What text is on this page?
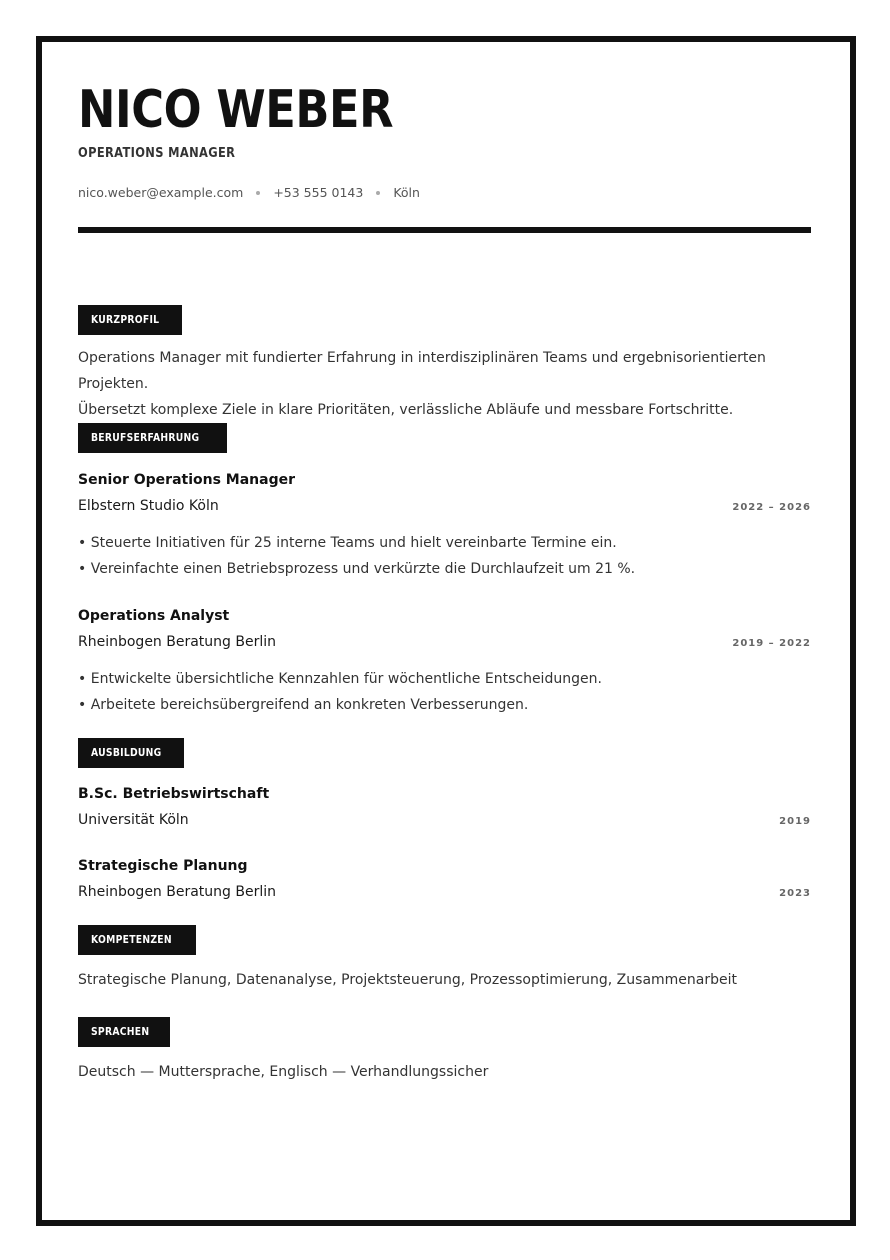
NICO WEBER
OPERATIONS MANAGER
nico.weber@example.com +53 555 0143 Köln
KURZPROFIL
Operations Manager mit fundierter Erfahrung in interdisziplinären Teams und ergebnisorientierten Projekten.
Übersetzt komplexe Ziele in klare Prioritäten, verlässliche Abläufe und messbare Fortschritte.
BERUFSERFAHRUNG
Senior Operations Manager
Elbstern Studio Köln	2022 – 2026
• Steuerte Initiativen für 25 interne Teams und hielt vereinbarte Termine ein.
• Vereinfachte einen Betriebsprozess und verkürzte die Durchlaufzeit um 21 %.
Operations Analyst
Rheinbogen Beratung Berlin	2019 – 2022
• Entwickelte übersichtliche Kennzahlen für wöchentliche Entscheidungen.
• Arbeitete bereichsübergreifend an konkreten Verbesserungen.
AUSBILDUNG
B.Sc. Betriebswirtschaft
Universität Köln	2019
Strategische Planung
Rheinbogen Beratung Berlin	2023
KOMPETENZEN
Strategische Planung, Datenanalyse, Projektsteuerung, Prozessoptimierung, Zusammenarbeit
SPRACHEN
Deutsch — Muttersprache, Englisch — Verhandlungssicher
